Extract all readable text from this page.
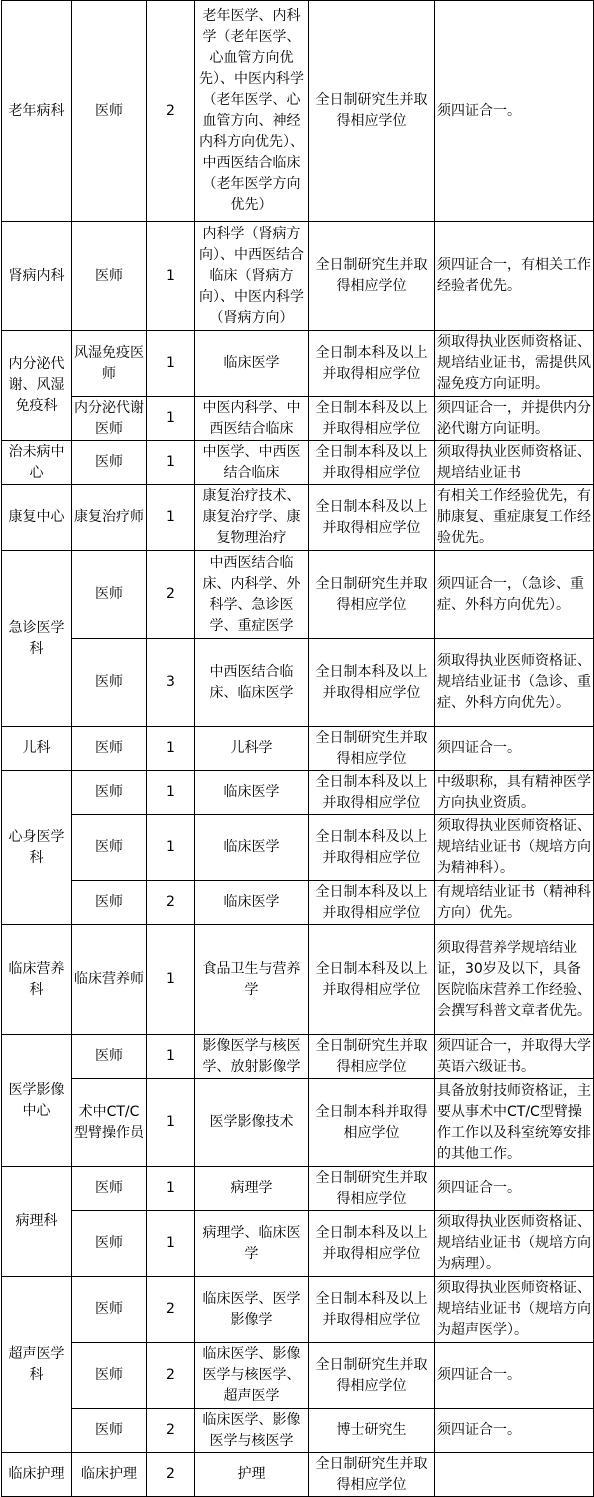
老年病科	医师	2	老年医学、内科学（老年医学、心血管方向优先）、中医内科学（老年医学、心血管方向、神经内科方向优先）、中西医结合临床（老年医学方向优先）	全日制研究生并取得相应学位	须四证合一。
肾病内科	医师	1	内科学（肾病方向）、中西医结合临床（肾病方向）、中医内科学（肾病方向）	全日制研究生并取得相应学位	须四证合一，有相关工作经验者优先。
内分泌代谢、风湿免疫科	风湿免疫医师	1	临床医学	全日制本科及以上并取得相应学位	须取得执业医师资格证、规培结业证书，需提供风湿免疫方向证明。
	内分泌代谢医师	1	中医内科学、中西医结合临床	全日制本科及以上并取得相应学位	须四证合一，并提供内分泌代谢方向证明。
治未病中心	医师	1	中医学、中西医结合临床	全日制本科及以上并取得相应学位	须取得执业医师资格证、规培结业证书
康复中心	康复治疗师	1	康复治疗技术、康复治疗学、康复物理治疗	全日制本科及以上并取得相应学位	有相关工作经验优先，有肺康复、重症康复工作经验优先。
急诊医学科	医师	2	中西医结合临床、内科学、外科学、急诊医学、重症医学	全日制研究生并取得相应学位	须四证合一，（急诊、重症、外科方向优先）。
	医师	3	中西医结合临床、临床医学	全日制本科及以上并取得相应学位	须取得执业医师资格证、规培结业证书（急诊、重症、外科方向优先）。
儿科	医师	1	儿科学	全日制研究生并取得相应学位	须四证合一。
心身医学科	医师	1	临床医学	全日制本科及以上并取得相应学位	中级职称，具有精神医学方向执业资质。
	医师	1	临床医学	全日制本科及以上并取得相应学位	须取得执业医师资格证、规培结业证书（规培方向为精神科）。
	医师	2	临床医学	全日制本科及以上并取得相应学位	有规培结业证书（精神科方向）优先。
临床营养科	临床营养师	1	食品卫生与营养学	全日制本科及以上并取得相应学位	须取得营养学规培结业证，30岁及以下，具备医院临床营养工作经验、会撰写科普文章者优先。
医学影像中心	医师	1	影像医学与核医学、放射影像学	全日制研究生并取得相应学位	须四证合一，并取得大学英语六级证书。
	术中CT/C型臂操作员	1	医学影像技术	全日制本科并取得相应学位	具备放射技师资格证，主要从事术中CT/C型臂操作工作以及科室统筹安排的其他工作。
病理科	医师	1	病理学	全日制研究生并取得相应学位	须四证合一。
	医师	1	病理学、临床医学	全日制本科及以上并取得相应学位	须取得执业医师资格证、规培结业证书（规培方向为病理）。
超声医学科	医师	2	临床医学、医学影像学	全日制本科及以上并取得相应学位	须取得执业医师资格证、规培结业证书（规培方向为超声医学）。
	医师	2	临床医学、影像医学与核医学、超声医学	全日制研究生并取得相应学位	须四证合一。
	医师	2	临床医学、影像医学与核医学	博士研究生	须四证合一。
临床护理	临床护理	2	护理	全日制研究生并取得相应学位	
